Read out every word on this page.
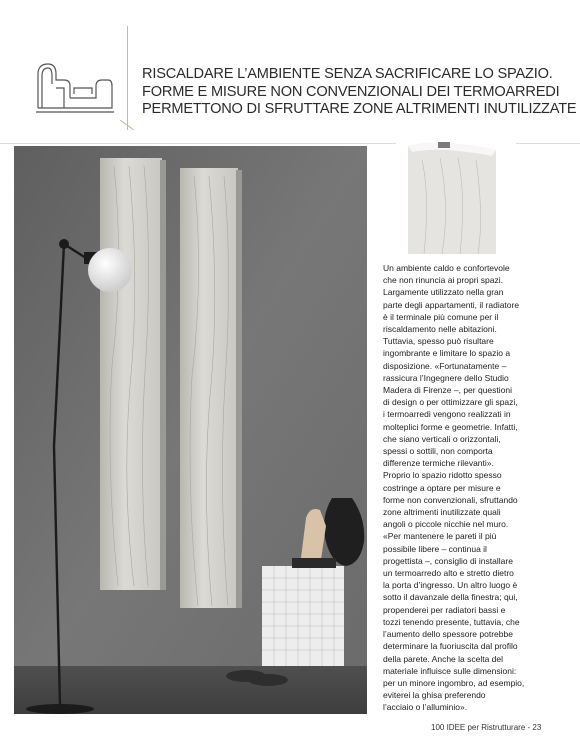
RISCALDARE L’AMBIENTE SENZA SACRIFICARE LO SPAZIO.
FORME E MISURE NON CONVENZIONALI DEI TERMOARREDI
PERMETTONO DI SFRUTTARE ZONE ALTRIMENTI INUTILIZZATE

Un ambiente caldo e confortevole

che non rinuncia ai propri spazi.

Largamente utilizzato nella gran

parte degli appartamenti, il radiatore

è il terminale più comune per il

riscaldamento nelle abitazioni.

Tuttavia, spesso può risultare

ingombrante e limitare lo spazio a

disposizione. «Fortunatamente –

rassicura l’Ingegnere dello Studio

Madera di Firenze –, per questioni

di design o per ottimizzare gli spazi,

i termoarredi vengono realizzati in

molteplici forme e geometrie. Infatti,

che siano verticali o orizzontali,

spessi o sottili, non comporta

differenze termiche rilevanti».

Proprio lo spazio ridotto spesso

costringe a optare per misure e

forme non convenzionali, sfruttando

zone altrimenti inutilizzate quali

angoli o piccole nicchie nel muro.

«Per mantenere le pareti il più

possibile libere – continua il

progettista –, consiglio di installare

un termoarredo alto e stretto dietro

la porta d’ingresso. Un altro luogo è

sotto il davanzale della finestra; qui,

propenderei per radiatori bassi e

tozzi tenendo presente, tuttavia, che

l’aumento dello spessore potrebbe

determinare la fuoriuscita dal profilo

della parete. Anche la scelta del

materiale influisce sulle dimensioni:

per un minore ingombro, ad esempio,

eviterei la ghisa preferendo

l’acciaio o l’alluminio».

100 IDEE per Ristrutturare - 23
